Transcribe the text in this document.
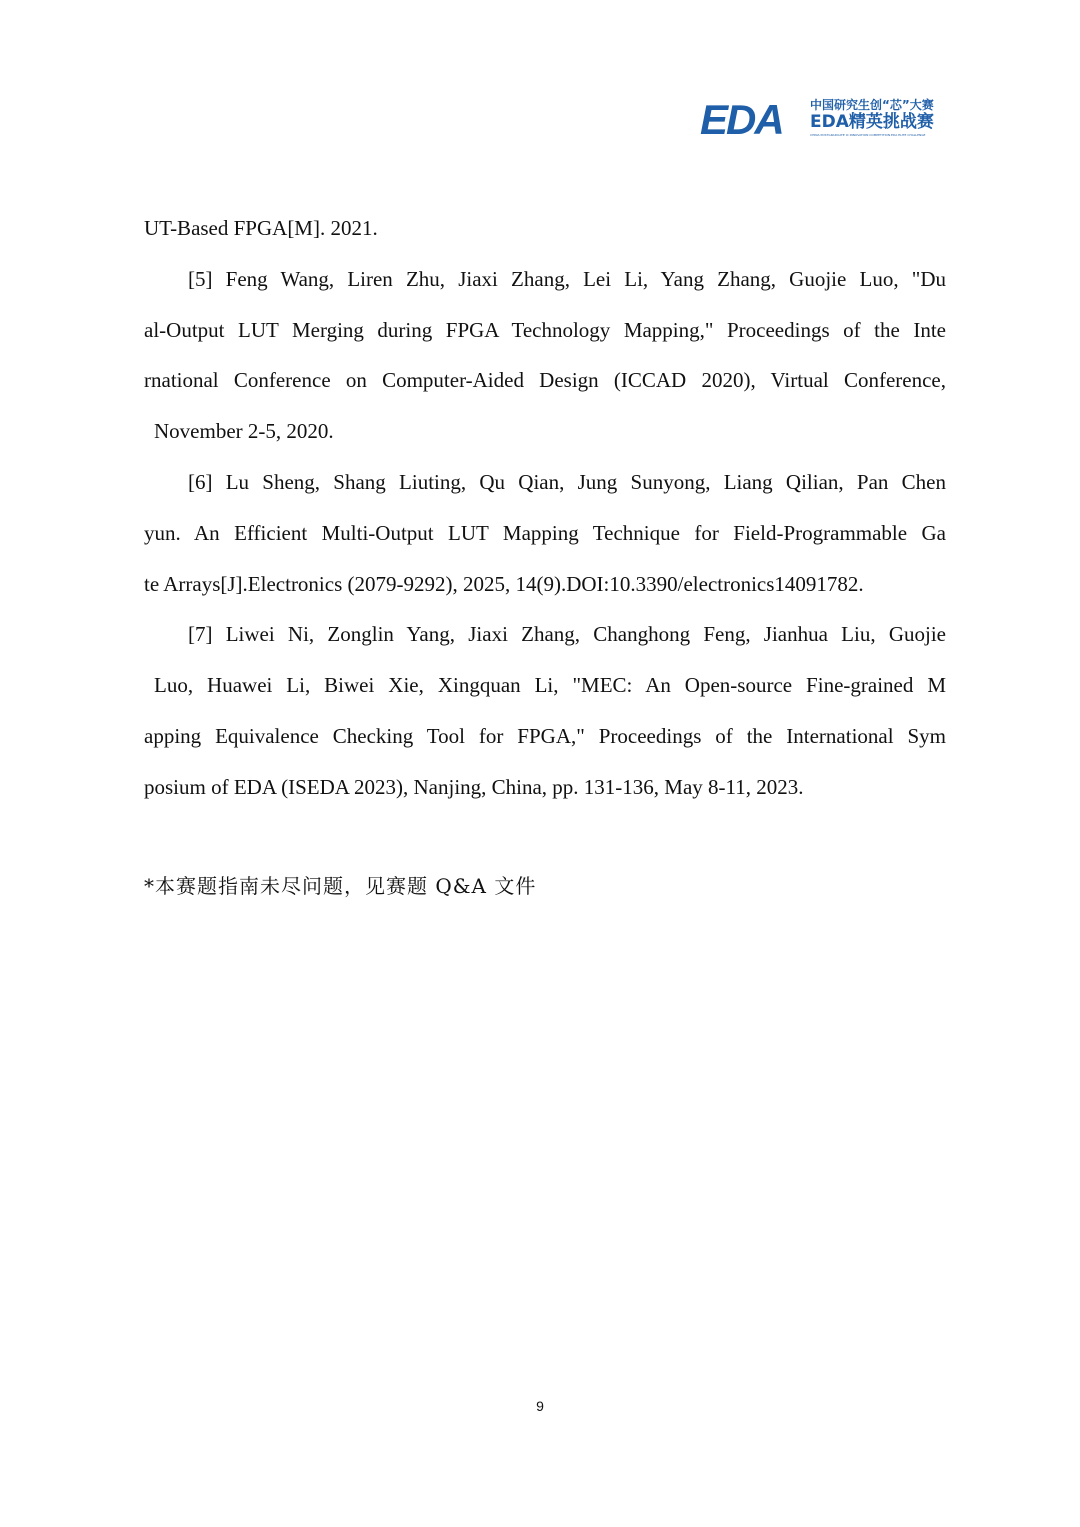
EDA 中国研究生创“芯”大赛
EDA精英挑战赛
CHINA POSTGRADUATE IC INNOVATION COMPETITION·EDA ELITE CHALLENGE
UT-Based FPGA[M]. 2021.
[5] Feng Wang, Liren Zhu, Jiaxi Zhang, Lei Li, Yang Zhang, Guojie Luo, "Du
al-Output LUT Merging during FPGA Technology Mapping," Proceedings of the Inte
rnational Conference on Computer-Aided Design (ICCAD 2020), Virtual Conference,
November 2-5, 2020.
[6] Lu Sheng, Shang Liuting, Qu Qian, Jung Sunyong, Liang Qilian, Pan Chen
yun. An Efficient Multi-Output LUT Mapping Technique for Field-Programmable Ga
te Arrays[J].Electronics (2079-9292), 2025, 14(9).DOI:10.3390/electronics14091782.
[7] Liwei Ni, Zonglin Yang, Jiaxi Zhang, Changhong Feng, Jianhua Liu, Guojie
Luo, Huawei Li, Biwei Xie, Xingquan Li, "MEC: An Open-source Fine-grained M
apping Equivalence Checking Tool for FPGA," Proceedings of the International Sym
posium of EDA (ISEDA 2023), Nanjing, China, pp. 131-136, May 8-11, 2023.
*本赛题指南未尽问题，见赛题 Q&A 文件
9
